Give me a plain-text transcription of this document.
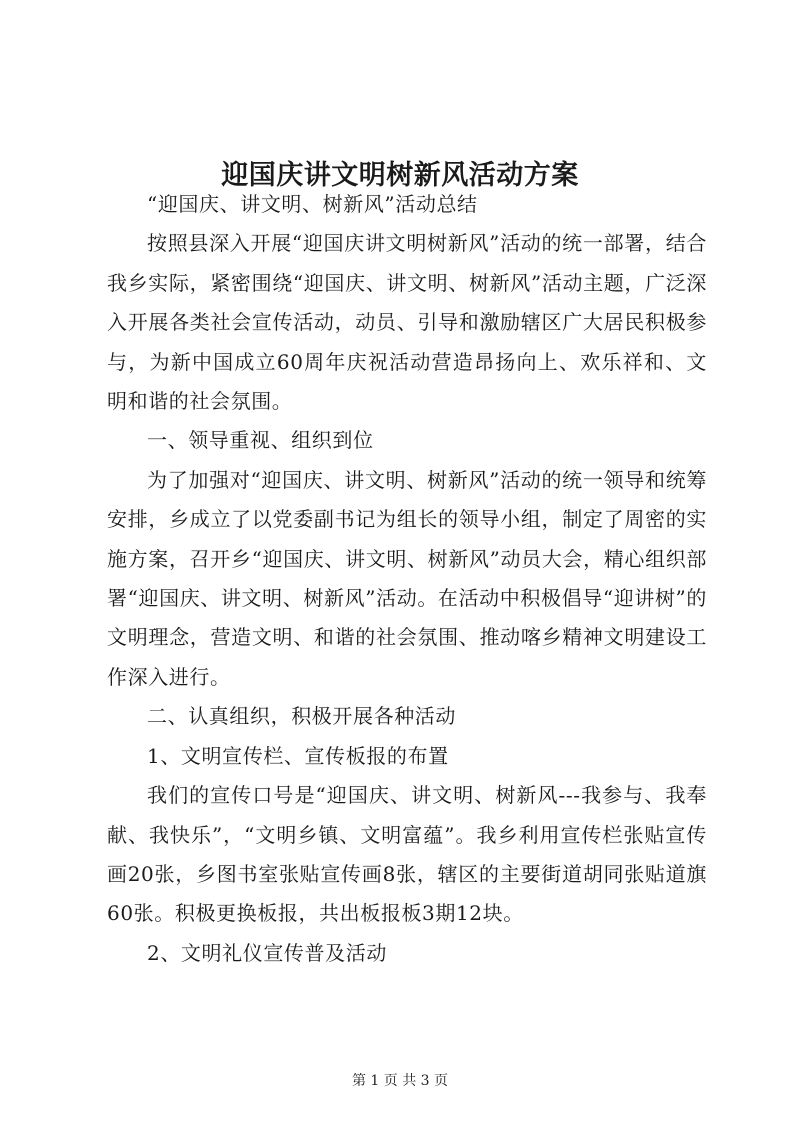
迎国庆讲文明树新风活动方案

“迎国庆、讲文明、树新风”活动总结

按照县深入开展“迎国庆讲文明树新风”活动的统一部署，结合我乡实际，紧密围绕“迎国庆、讲文明、树新风”活动主题，广泛深入开展各类社会宣传活动，动员、引导和激励辖区广大居民积极参与，为新中国成立60周年庆祝活动营造昂扬向上、欢乐祥和、文明和谐的社会氛围。

一、领导重视、组织到位

为了加强对“迎国庆、讲文明、树新风”活动的统一领导和统筹安排，乡成立了以党委副书记为组长的领导小组，制定了周密的实施方案，召开乡“迎国庆、讲文明、树新风”动员大会，精心组织部署“迎国庆、讲文明、树新风”活动。在活动中积极倡导“迎讲树”的文明理念，营造文明、和谐的社会氛围、推动喀乡精神文明建设工作深入进行。

二、认真组织，积极开展各种活动

1、文明宣传栏、宣传板报的布置

我们的宣传口号是“迎国庆、讲文明、树新风---我参与、我奉献、我快乐”，“文明乡镇、文明富蕴”。我乡利用宣传栏张贴宣传画20张，乡图书室张贴宣传画8张，辖区的主要街道胡同张贴道旗60张。积极更换板报，共出板报板3期12块。

2、文明礼仪宣传普及活动

第 1 页 共 3 页
